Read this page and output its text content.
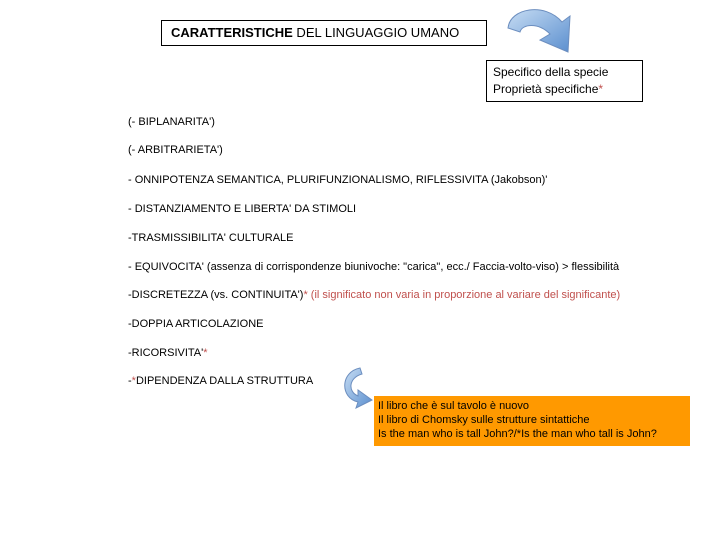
CARATTERISTICHE DEL LINGUAGGIO UMANO
Specifico della specie
Proprietà specifiche*
(- BIPLANARITA')
(- ARBITRARIETA')
- ONNIPOTENZA SEMANTICA, PLURIFUNZIONALISMO, RIFLESSIVITA (Jakobson)'
- DISTANZIAMENTO E LIBERTA' DA STIMOLI
-TRASMISSIBILITA' CULTURALE
- EQUIVOCITA' (assenza di corrispondenze biunivoche: "carica", ecc./ Faccia-volto-viso) > flessibilità
-DISCRETEZZA (vs. CONTINUITA')* (il significato non varia in proporzione al variare del significante)
-DOPPIA ARTICOLAZIONE
-RICORSIVITA'*
-*DIPENDENZA DALLA STRUTTURA
Il libro che è sul tavolo è nuovo
Il libro di Chomsky sulle strutture sintattiche
Is the man who is tall John?/*Is the man who tall is John?
